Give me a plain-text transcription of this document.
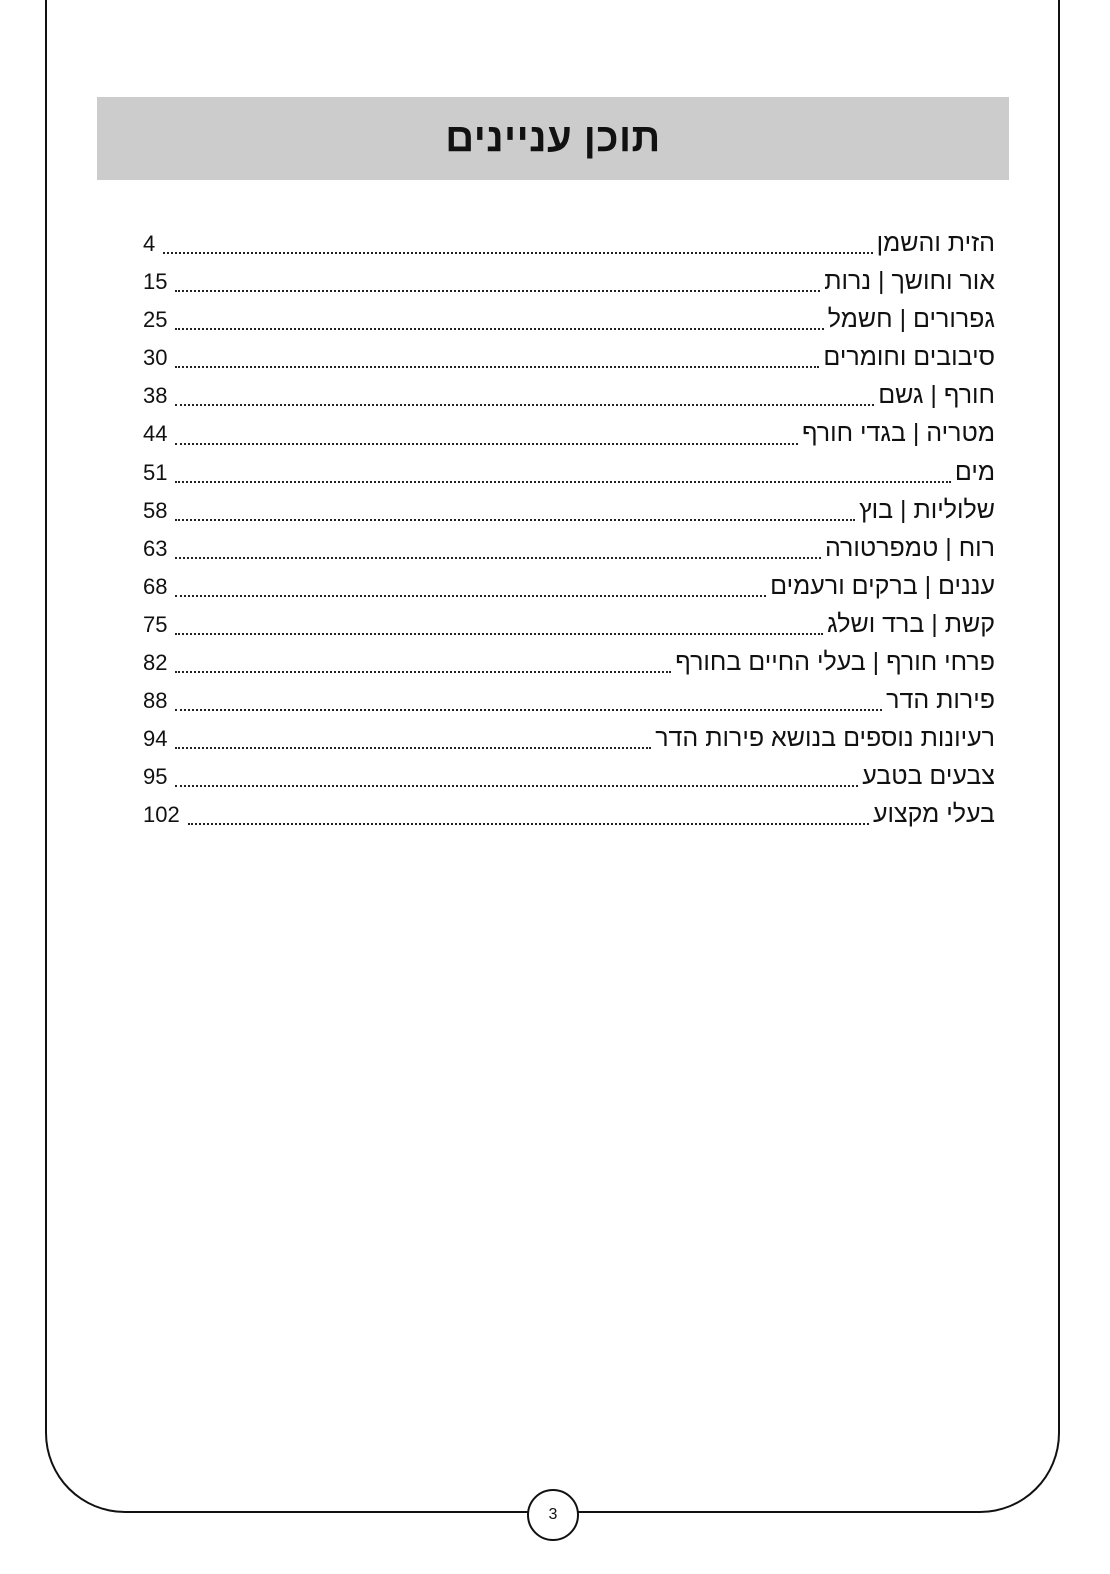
תוכן עניינים
הזית והשמן
4
אור וחושך | נרות
15
גפרורים | חשמל
25
סיבובים וחומרים
30
חורף | גשם
38
מטריה | בגדי חורף
44
מים
51
שלוליות | בוץ
58
רוח | טמפרטורה
63
עננים | ברקים ורעמים
68
קשת | ברד ושלג
75
פרחי חורף | בעלי החיים בחורף
82
פירות הדר
88
רעיונות נוספים בנושא פירות הדר
94
צבעים בטבע
95
בעלי מקצוע
102
3
